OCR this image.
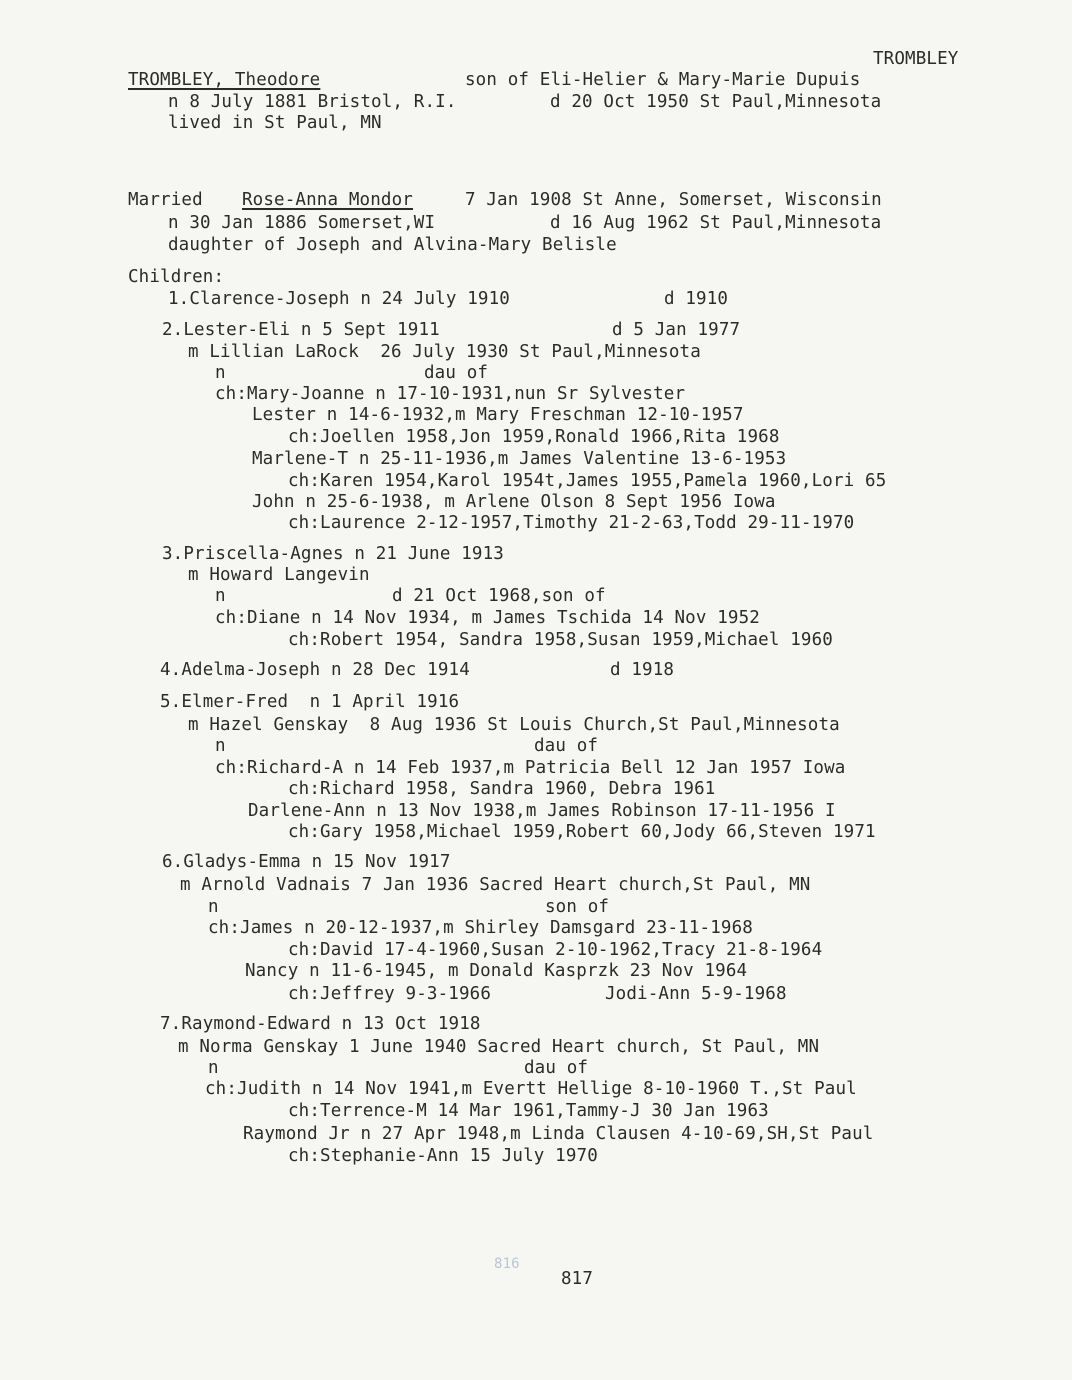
TROMBLEY
TROMBLEY, Theodore	son of Eli-Helier & Mary-Marie Dupuis
n 8 July 1881 Bristol, R.I.	d 20 Oct 1950 St Paul,Minnesota
lived in St Paul, MN
Married Rose-Anna Mondor	7 Jan 1908 St Anne, Somerset, Wisconsin
n 30 Jan 1886 Somerset,WI	d 16 Aug 1962 St Paul,Minnesota
daughter of Joseph and Alvina-Mary Belisle
Children:
1.Clarence-Joseph n 24 July 1910	d 1910
2.Lester-Eli n 5 Sept 1911	d 5 Jan 1977
m Lillian LaRock  26 July 1930 St Paul,Minnesota
n	dau of
ch:Mary-Joanne n 17-10-1931,nun Sr Sylvester
Lester n 14-6-1932,m Mary Freschman 12-10-1957
ch:Joellen 1958,Jon 1959,Ronald 1966,Rita 1968
Marlene-T n 25-11-1936,m James Valentine 13-6-1953
ch:Karen 1954,Karol 1954t,James 1955,Pamela 1960,Lori 65
John n 25-6-1938, m Arlene Olson 8 Sept 1956 Iowa
ch:Laurence 2-12-1957,Timothy 21-2-63,Todd 29-11-1970
3.Priscella-Agnes n 21 June 1913
m Howard Langevin
n	d 21 Oct 1968,son of
ch:Diane n 14 Nov 1934, m James Tschida 14 Nov 1952
ch:Robert 1954, Sandra 1958,Susan 1959,Michael 1960
4.Adelma-Joseph n 28 Dec 1914	d 1918
5.Elmer-Fred  n 1 April 1916
m Hazel Genskay  8 Aug 1936 St Louis Church,St Paul,Minnesota
n	dau of
ch:Richard-A n 14 Feb 1937,m Patricia Bell 12 Jan 1957 Iowa
ch:Richard 1958, Sandra 1960, Debra 1961
Darlene-Ann n 13 Nov 1938,m James Robinson 17-11-1956 I
ch:Gary 1958,Michael 1959,Robert 60,Jody 66,Steven 1971
6.Gladys-Emma n 15 Nov 1917
m Arnold Vadnais 7 Jan 1936 Sacred Heart church,St Paul, MN
n	son of
ch:James n 20-12-1937,m Shirley Damsgard 23-11-1968
ch:David 17-4-1960,Susan 2-10-1962,Tracy 21-8-1964
Nancy n 11-6-1945, m Donald Kasprzk 23 Nov 1964
ch:Jeffrey 9-3-1966	Jodi-Ann 5-9-1968
7.Raymond-Edward n 13 Oct 1918
m Norma Genskay 1 June 1940 Sacred Heart church, St Paul, MN
n	dau of
ch:Judith n 14 Nov 1941,m Evertt Hellige 8-10-1960 T.,St Paul
ch:Terrence-M 14 Mar 1961,Tammy-J 30 Jan 1963
Raymond Jr n 27 Apr 1948,m Linda Clausen 4-10-69,SH,St Paul
ch:Stephanie-Ann 15 July 1970
816
817
